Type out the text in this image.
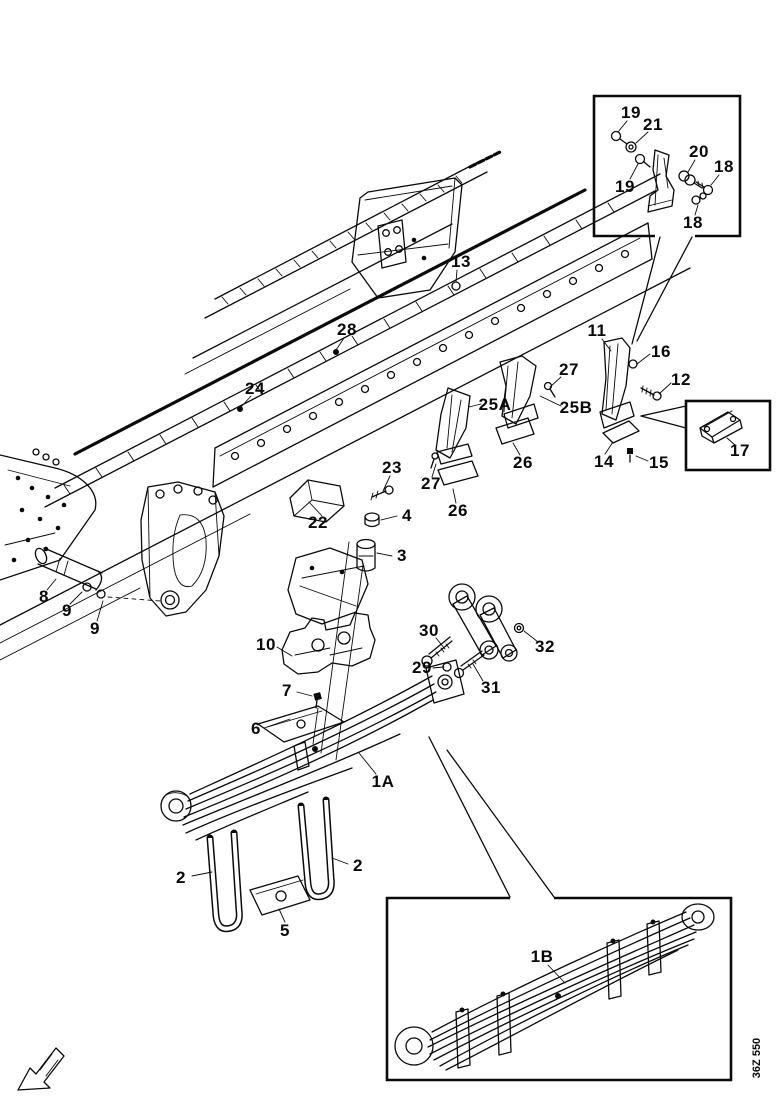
13
28
24
8
9
9
22
23
4
3
10
7
6
1A
2
2
5
25A	25B
26
26
27
27
11
16
12
14 15
17
19
21
19
20
18
18
30
29
31
32
1B
36Z 550
